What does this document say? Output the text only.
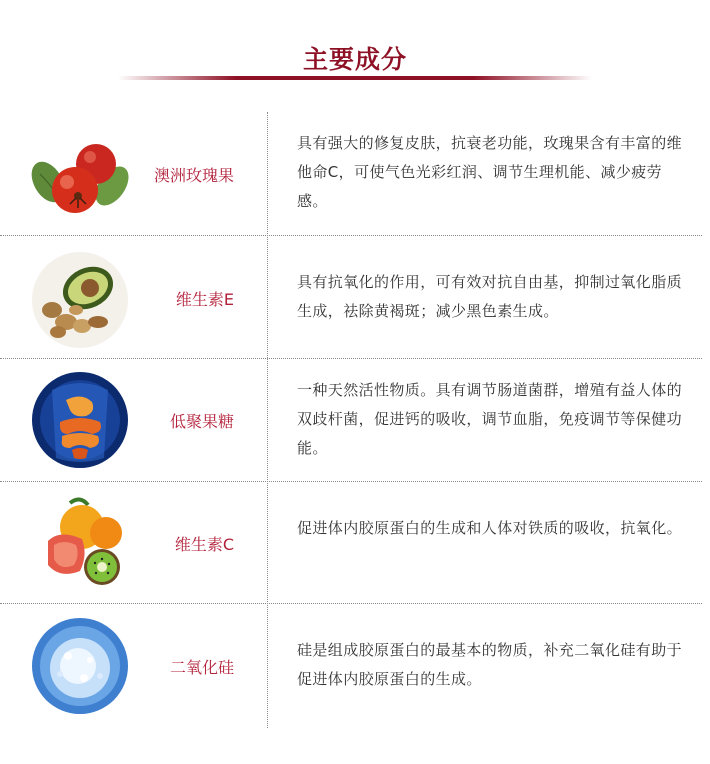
主要成分
澳洲玫瑰果
具有强大的修复皮肤，抗衰老功能，玫瑰果含有丰富的维他命C，可使气色光彩红润、调节生理机能、减少疲劳感。
维生素E
具有抗氧化的作用，可有效对抗自由基，抑制过氧化脂质生成，祛除黄褐斑；减少黑色素生成。
低聚果糖
一种天然活性物质。具有调节肠道菌群，增殖有益人体的双歧杆菌，促进钙的吸收，调节血脂，免疫调节等保健功能。
维生素C
促进体内胶原蛋白的生成和人体对铁质的吸收，抗氧化。
二氧化硅
硅是组成胶原蛋白的最基本的物质，补充二氧化硅有助于促进体内胶原蛋白的生成。
